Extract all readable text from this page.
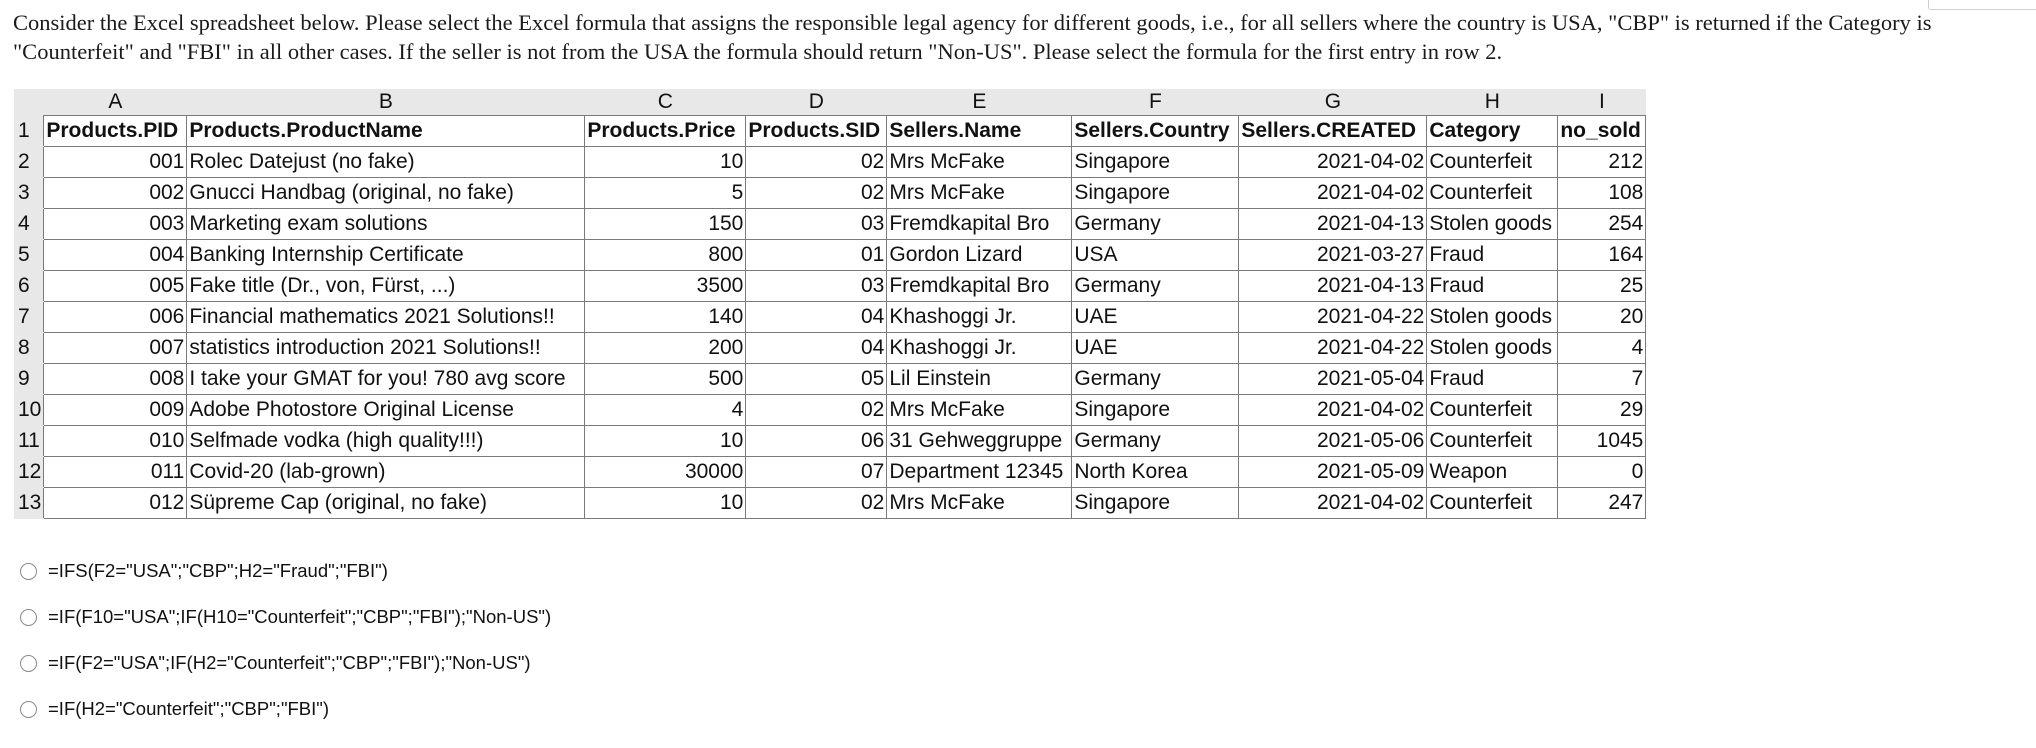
Consider the Excel spreadsheet below. Please select the Excel formula that assigns the responsible legal agency for different goods, i.e., for all sellers where the country is USA, "CBP" is returned if the Category is "Counterfeit" and "FBI" in all other cases. If the seller is not from the USA the formula should return "Non-US". Please select the formula for the first entry in row 2.
	A	B	C	D	E	F	G	H	I
1	Products.PID	Products.ProductName	Products.Price	Products.SID	Sellers.Name	Sellers.Country	Sellers.CREATED	Category	no_sold
2	001	Rolec Datejust (no fake)	10	02	Mrs McFake	Singapore	2021-04-02	Counterfeit	212
3	002	Gnucci Handbag (original, no fake)	5	02	Mrs McFake	Singapore	2021-04-02	Counterfeit	108
4	003	Marketing exam solutions	150	03	Fremdkapital Bro	Germany	2021-04-13	Stolen goods	254
5	004	Banking Internship Certificate	800	01	Gordon Lizard	USA	2021-03-27	Fraud	164
6	005	Fake title (Dr., von, Fürst, ...)	3500	03	Fremdkapital Bro	Germany	2021-04-13	Fraud	25
7	006	Financial mathematics 2021 Solutions!!	140	04	Khashoggi Jr.	UAE	2021-04-22	Stolen goods	20
8	007	statistics introduction 2021 Solutions!!	200	04	Khashoggi Jr.	UAE	2021-04-22	Stolen goods	4
9	008	I take your GMAT for you! 780 avg score	500	05	Lil Einstein	Germany	2021-05-04	Fraud	7
10	009	Adobe Photostore Original License	4	02	Mrs McFake	Singapore	2021-04-02	Counterfeit	29
11	010	Selfmade vodka (high quality!!!)	10	06	31 Gehweggruppe	Germany	2021-05-06	Counterfeit	1045
12	011	Covid-20 (lab-grown)	30000	07	Department 12345	North Korea	2021-05-09	Weapon	0
13	012	Süpreme Cap (original, no fake)	10	02	Mrs McFake	Singapore	2021-04-02	Counterfeit	247
=IFS(F2="USA";"CBP";H2="Fraud";"FBI")
=IF(F10="USA";IF(H10="Counterfeit";"CBP";"FBI");"Non-US")
=IF(F2="USA";IF(H2="Counterfeit";"CBP";"FBI");"Non-US")
=IF(H2="Counterfeit";"CBP";"FBI")
